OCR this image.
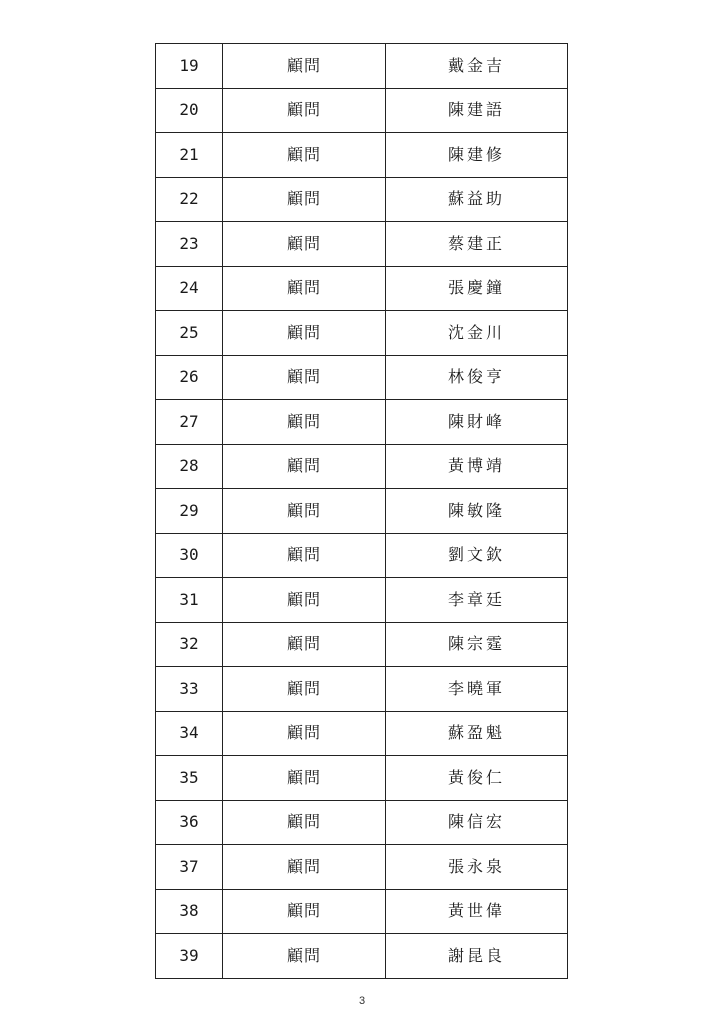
19	顧問	戴金吉
20	顧問	陳建語
21	顧問	陳建修
22	顧問	蘇益助
23	顧問	蔡建正
24	顧問	張慶鐘
25	顧問	沈金川
26	顧問	林俊亨
27	顧問	陳財峰
28	顧問	黃博靖
29	顧問	陳敏隆
30	顧問	劉文欽
31	顧問	李章廷
32	顧問	陳宗霆
33	顧問	李曉軍
34	顧問	蘇盈魁
35	顧問	黃俊仁
36	顧問	陳信宏
37	顧問	張永泉
38	顧問	黃世偉
39	顧問	謝昆良
3
